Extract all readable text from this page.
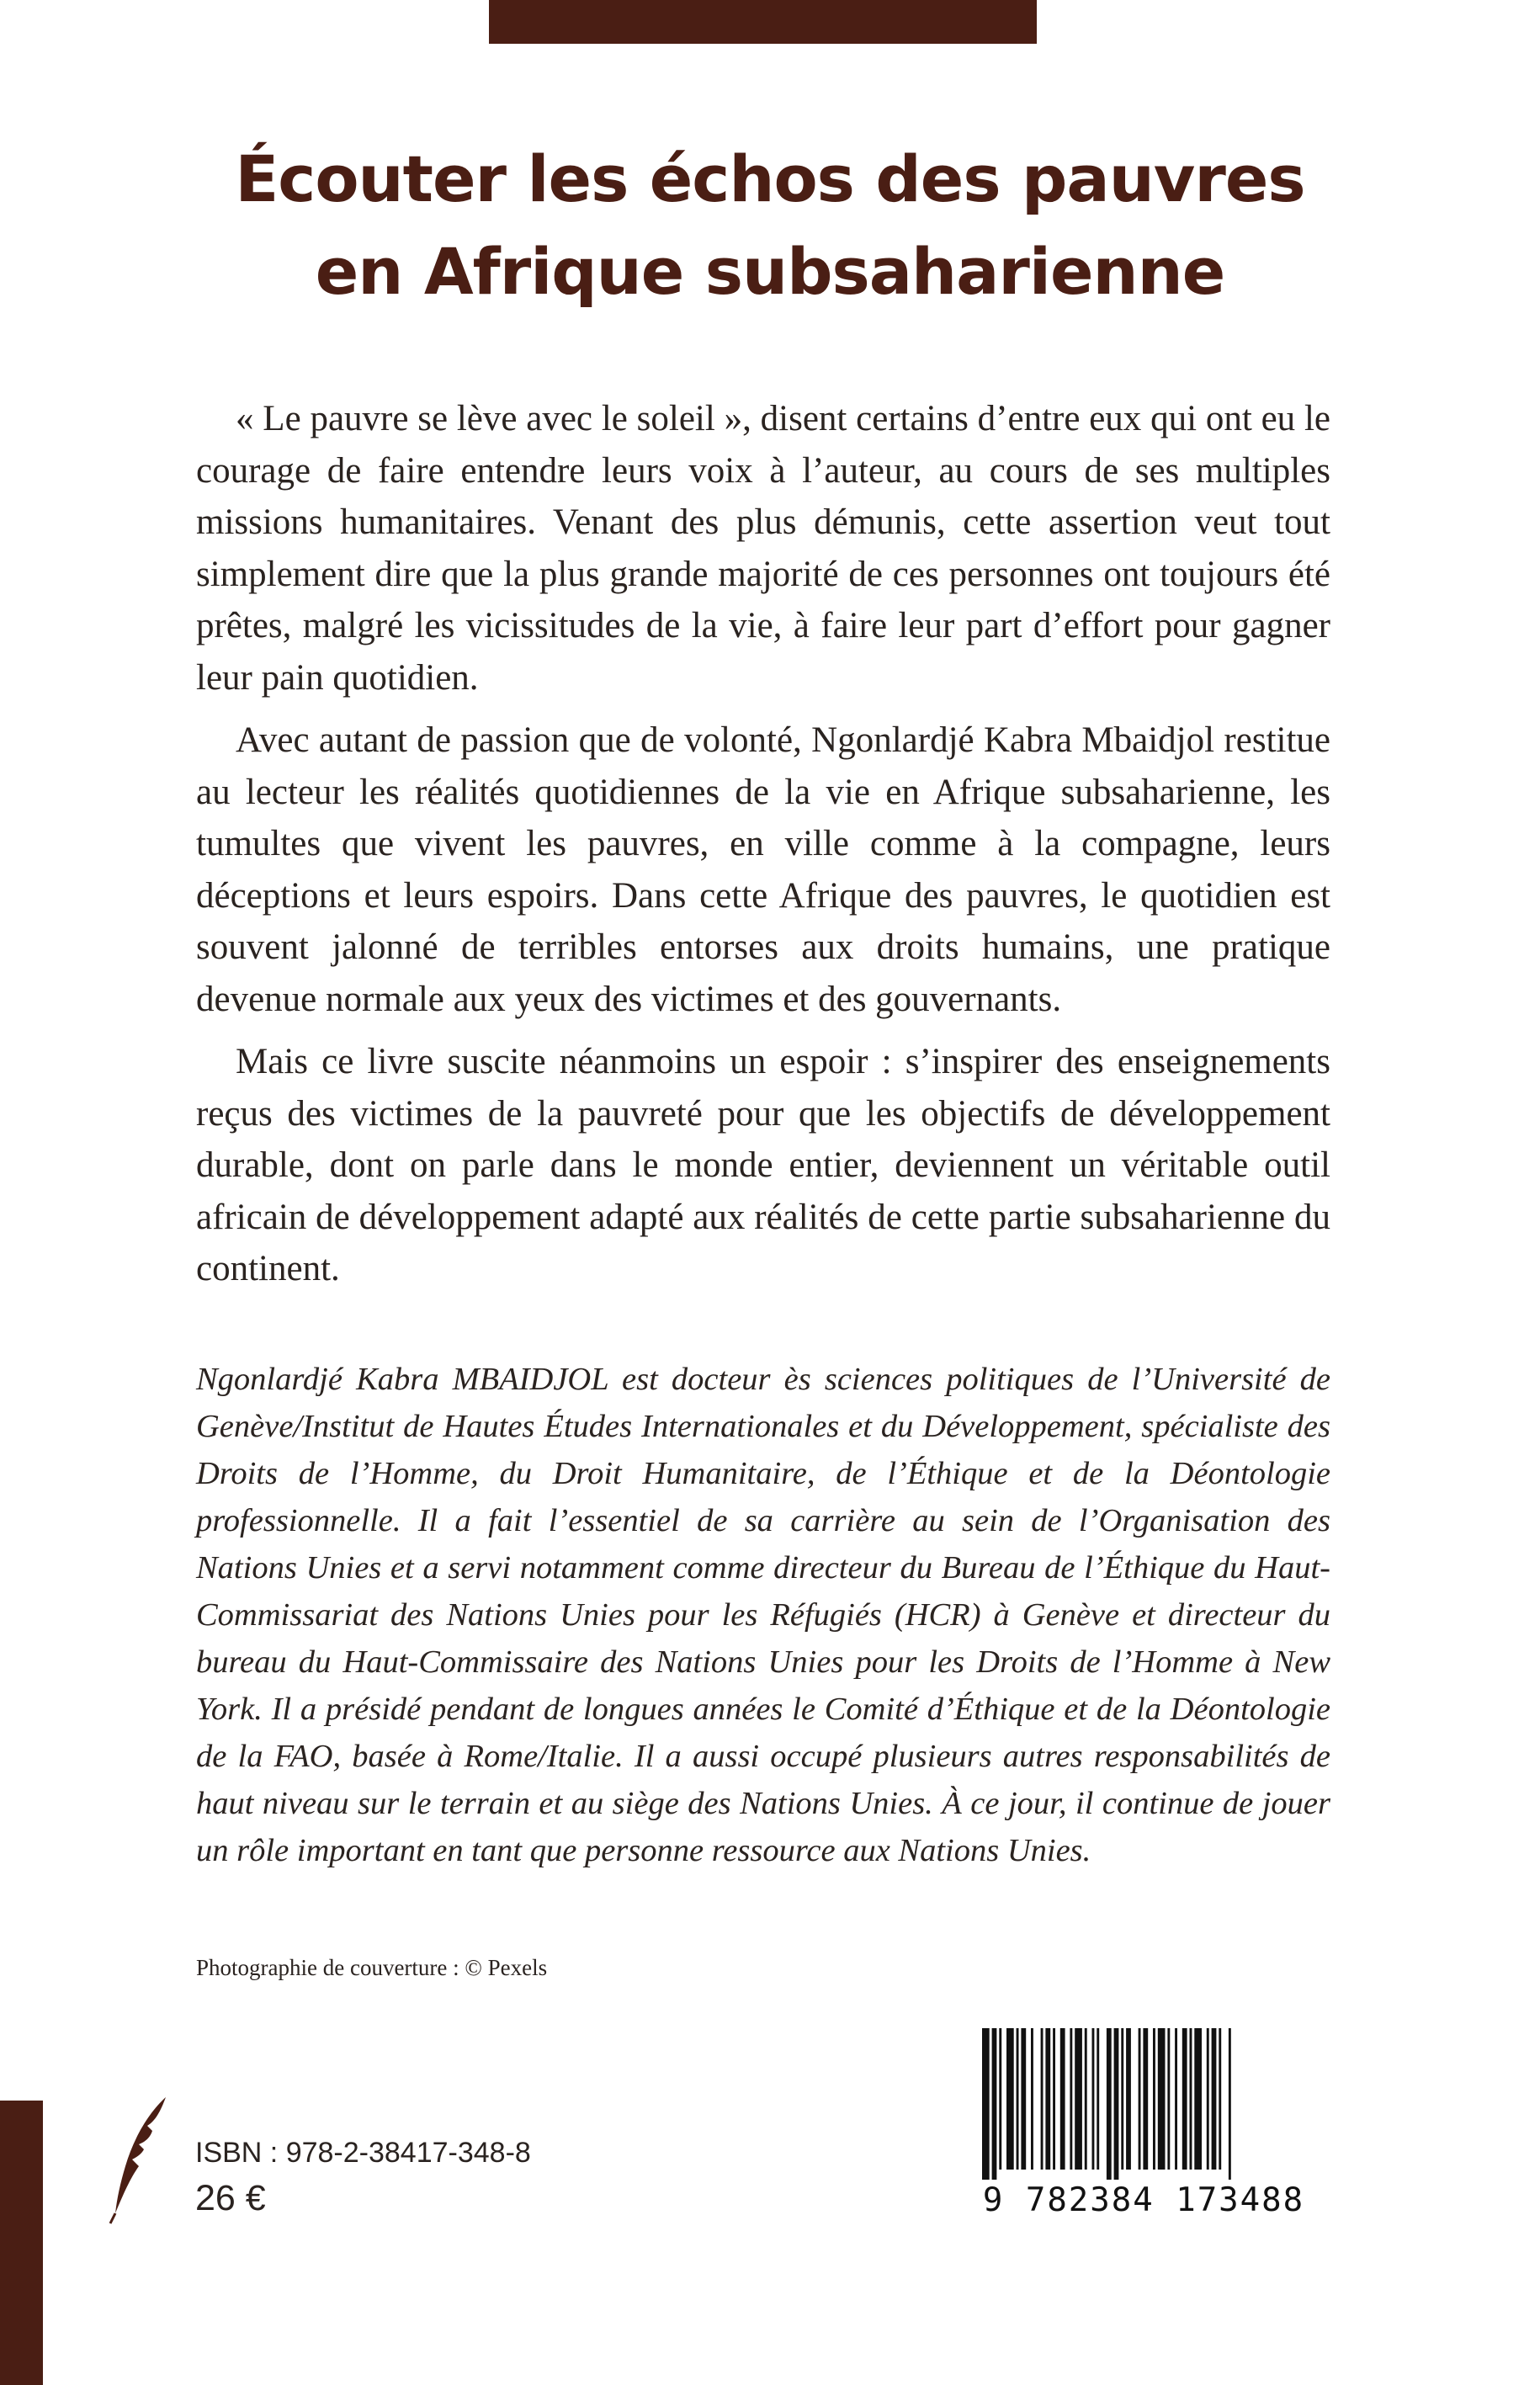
Écouter les échos des pauvres
en Afrique subsaharienne

« Le pauvre se lève avec le soleil », disent certains d’entre eux qui ont eu le courage de faire entendre leurs voix à l’auteur, au cours de ses multiples missions humanitaires. Venant des plus démunis, cette assertion veut tout simplement dire que la plus grande majorité de ces personnes ont toujours été prêtes, malgré les vicissitudes de la vie, à faire leur part d’effort pour gagner leur pain quotidien.

Avec autant de passion que de volonté, Ngonlardjé Kabra Mbaidjol restitue au lecteur les réalités quotidiennes de la vie en Afrique subsaharienne, les tumultes que vivent les pauvres, en ville comme à la compagne, leurs déceptions et leurs espoirs. Dans cette Afrique des pauvres, le quotidien est souvent jalonné de terribles entorses aux droits humains, une pratique devenue normale aux yeux des victimes et des gouvernants.

Mais ce livre suscite néanmoins un espoir : s’inspirer des enseignements reçus des victimes de la pauvreté pour que les objectifs de développement durable, dont on parle dans le monde entier, deviennent un véritable outil africain de développement adapté aux réalités de cette partie subsaharienne du continent.

Ngonlardjé Kabra MBAIDJOL est docteur ès sciences politiques de l’Université de Genève/Institut de Hautes Études Internationales et du Développement, spécialiste des Droits de l’Homme, du Droit Humanitaire, de l’Éthique et de la Déontologie professionnelle. Il a fait l’essentiel de sa carrière au sein de l’Organisation des Nations Unies et a servi notamment comme directeur du Bureau de l’Éthique du Haut-Commissariat des Nations Unies pour les Réfugiés (HCR) à Genève et directeur du bureau du Haut-Commissaire des Nations Unies pour les Droits de l’Homme à New York. Il a présidé pendant de longues années le Comité d’Éthique et de la Déontologie de la FAO, basée à Rome/Italie. Il a aussi occupé plusieurs autres responsabilités de haut niveau sur le terrain et au siège des Nations Unies. À ce jour, il continue de jouer un rôle important en tant que personne ressource aux Nations Unies.
Photographie de couverture : © Pexels
ISBN : 978-2-38417-348-8
26 €	9 782384 173488
